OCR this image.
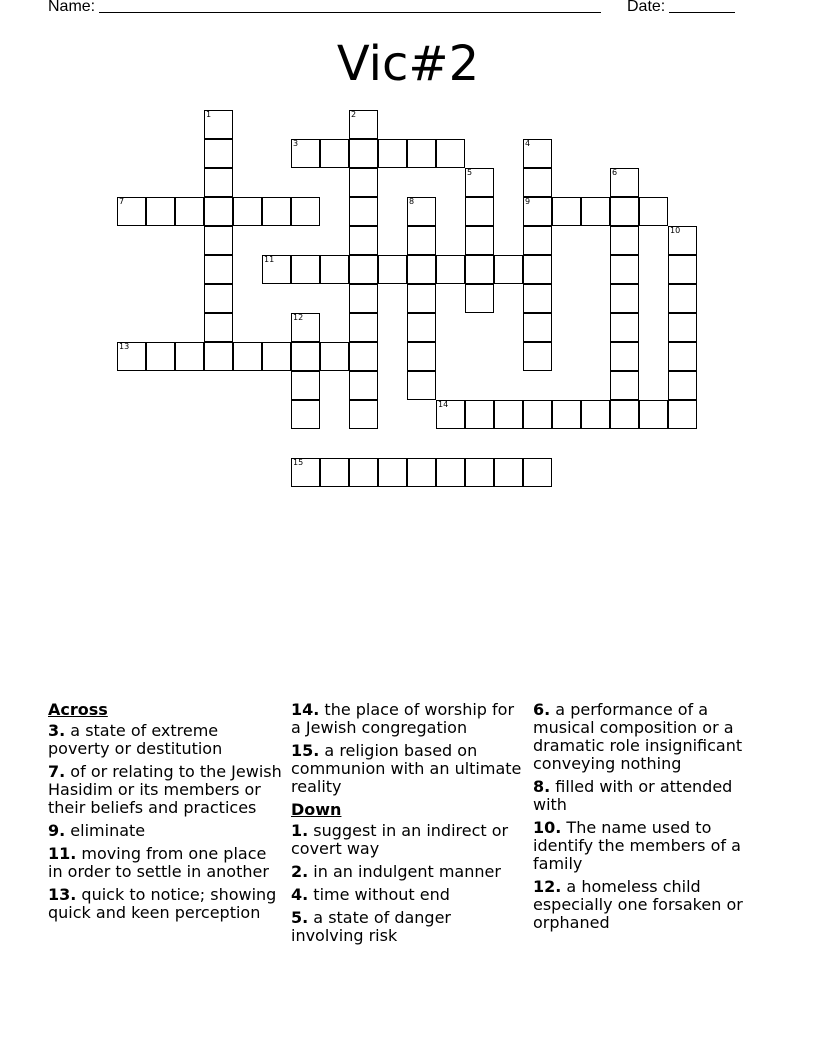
Name:	Date:
Vic#2
1	2
3	4
9
5	6
7	8
10
11
12
13
14
15
Across
3. a state of extreme poverty or destitution
7. of or relating to the Jewish Hasidim or its members or their beliefs and practices
9. eliminate
11. moving from one place in order to settle in another
13. quick to notice; showing quick and keen perception
14. the place of worship for a Jewish congregation
15. a religion based on communion with an ultimate reality
Down
1. suggest in an indirect or covert way
2. in an indulgent manner
4. time without end
5. a state of danger involving risk
6. a performance of a musical composition or a dramatic role insignificant conveying nothing
8. filled with or attended with
10. The name used to identify the members of a family
12. a homeless child especially one forsaken or orphaned
